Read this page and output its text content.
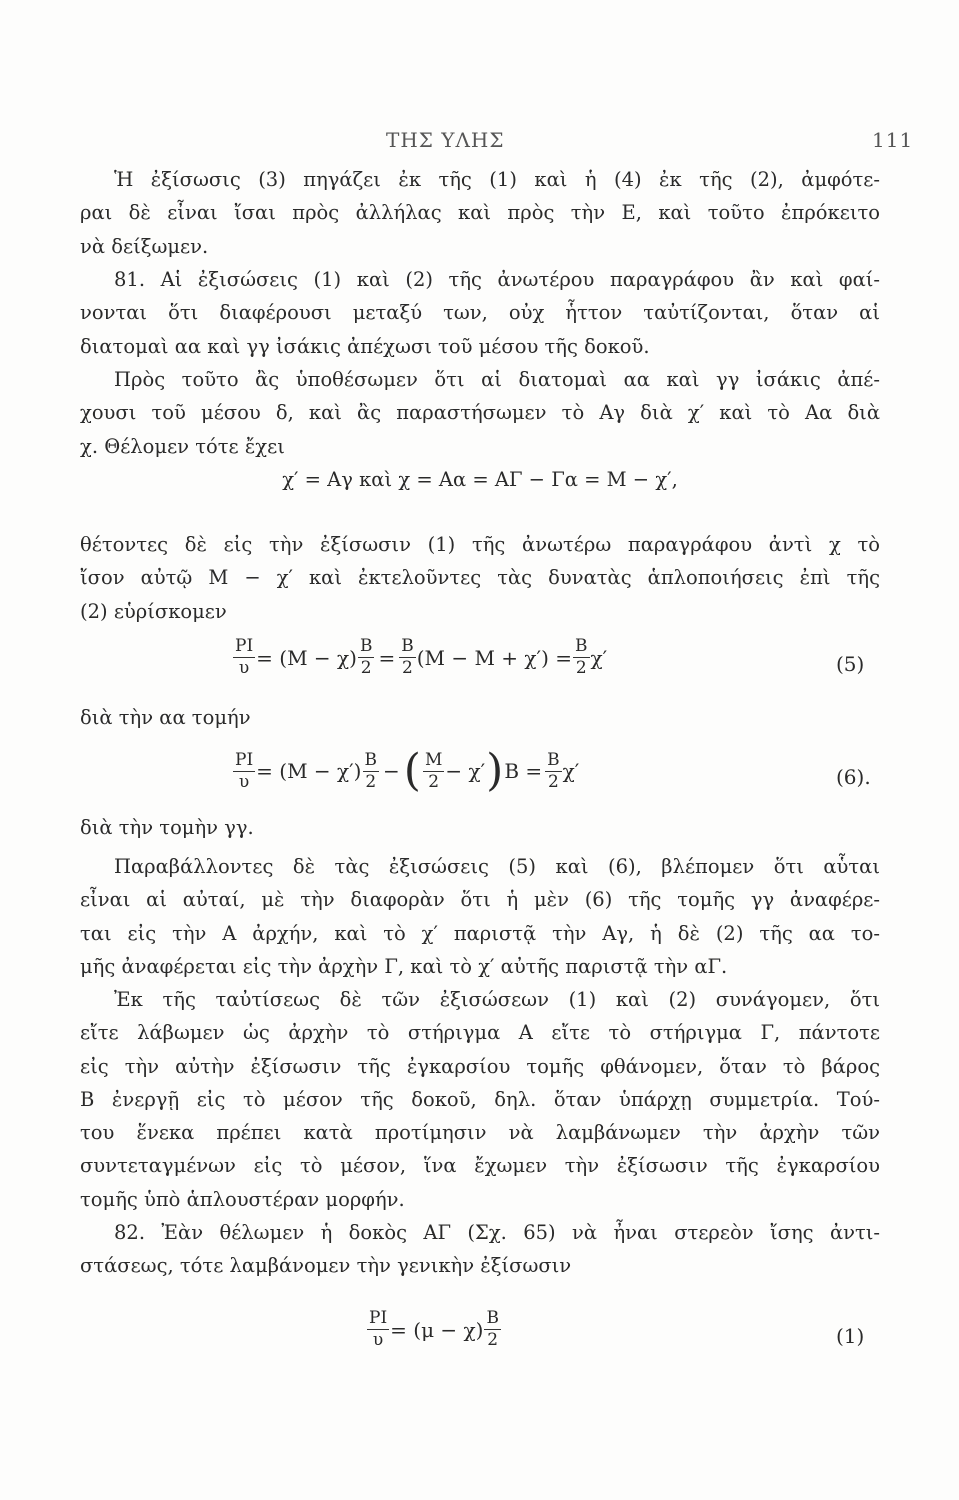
ΤΗΣ ΥΛΗΣ	111
Ἡ ἐξίσωσις (3) πηγάζει ἐκ τῆς (1) καὶ ἡ (4) ἐκ τῆς (2), ἀμφότε-
ραι δὲ εἶναι ἴσαι πρὸς ἀλλήλας καὶ πρὸς τὴν Ε, καὶ τοῦτο ἐπρόκειτο
νὰ δείξωμεν.
81. Αἱ ἐξισώσεις (1) καὶ (2) τῆς ἀνωτέρου παραγράφου ἂν καὶ φαί-
νονται ὅτι διαφέρουσι μεταξύ των, οὐχ ἧττον ταὐτίζονται, ὅταν αἱ
διατομαὶ αα καὶ γγ ἰσάκις ἀπέχωσι τοῦ μέσου τῆς δοκοῦ.
Πρὸς τοῦτο ἂς ὑποθέσωμεν ὅτι αἱ διατομαὶ αα καὶ γγ ἰσάκις ἀπέ-
χουσι τοῦ μέσου δ, καὶ ἂς παραστήσωμεν τὸ Αγ διὰ χ′ καὶ τὸ Αα διὰ
χ. Θέλομεν τότε ἔχει
χ′ = Αγ καὶ χ = Αα = ΑΓ − Γα = Μ − χ′,
θέτοντες δὲ εἰς τὴν ἐξίσωσιν (1) τῆς ἀνωτέρω παραγράφου ἀντὶ χ τὸ
ἴσον αὐτῷ Μ − χ′ καὶ ἐκτελοῦντες τὰς δυνατὰς ἁπλοποιήσεις ἐπὶ τῆς
(2) εὑρίσκομεν
$\frac{PI}{\upsilon} = (M - \chi) \frac{B}{2} = \frac{B}{2} (M - M + \chi') = \frac{B}{2} \chi'$	(5)
διὰ τὴν αα τομήν
$\frac{PI}{\upsilon} = (M - \chi') \frac{B}{2}$ − ( $\frac{M}{2} - \chi'$ ) $B = \frac{B}{2} \chi'$	(6).
διὰ τὴν τομὴν γγ.
Παραβάλλοντες δὲ τὰς ἐξισώσεις (5) καὶ (6), βλέπομεν ὅτι αὗται
εἶναι αἱ αὐταί, μὲ τὴν διαφορὰν ὅτι ἡ μὲν (6) τῆς τομῆς γγ ἀναφέρε-
ται εἰς τὴν Α ἀρχήν, καὶ τὸ χ′ παριστᾷ τὴν Αγ, ἡ δὲ (2) τῆς αα το-
μῆς ἀναφέρεται εἰς τὴν ἀρχὴν Γ, καὶ τὸ χ′ αὐτῆς παριστᾷ τὴν αΓ.
Ἐκ τῆς ταὐτίσεως δὲ τῶν ἐξισώσεων (1) καὶ (2) συνάγομεν, ὅτι
εἴτε λάβωμεν ὡς ἀρχὴν τὸ στήριγμα Α εἴτε τὸ στήριγμα Γ, πάντοτε
εἰς τὴν αὐτὴν ἐξίσωσιν τῆς ἐγκαρσίου τομῆς φθάνομεν, ὅταν τὸ βάρος
Β ἐνεργῇ εἰς τὸ μέσον τῆς δοκοῦ, δηλ. ὅταν ὑπάρχῃ συμμετρία. Τού-
του ἕνεκα πρέπει κατὰ προτίμησιν νὰ λαμβάνωμεν τὴν ἀρχὴν τῶν
συντεταγμένων εἰς τὸ μέσον, ἵνα ἔχωμεν τὴν ἐξίσωσιν τῆς ἐγκαρσίου
τομῆς ὑπὸ ἁπλουστέραν μορφήν.
82. Ἐὰν θέλωμεν ἡ δοκὸς ΑΓ (Σχ. 65) νὰ ἦναι στερεὸν ἴσης ἀντι-
στάσεως, τότε λαμβάνομεν τὴν γενικὴν ἐξίσωσιν
$\frac{PI}{\upsilon} = (\mu - \chi) \frac{B}{2}$	(1)
